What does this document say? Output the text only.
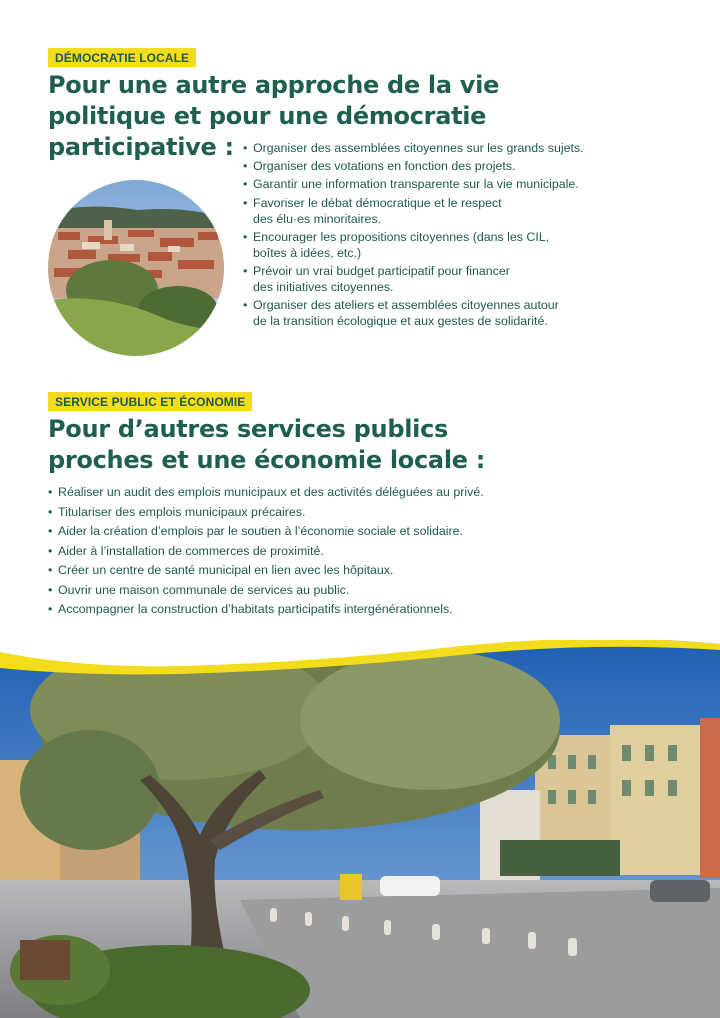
DÉMOCRATIE LOCALE
Pour une autre approche de la vie
politique et pour une démocratie
participative :
•	Organiser des assemblées citoyennes sur les grands sujets.
• Organiser des votations en fonction des projets.
• Garantir une information transparente sur la vie municipale.
• Favoriser le débat démocratique et le respect
des élu·es minoritaires.
• Encourager les propositions citoyennes (dans les CIL,
boîtes à idées, etc.)
• Prévoir un vrai budget participatif pour financer
des initiatives citoyennes.
• Organiser des ateliers et assemblées citoyennes autour
de la transition écologique et aux gestes de solidarité.
SERVICE PUBLIC ET ÉCONOMIE
Pour d’autres services publics
proches et une économie locale :
• Réaliser un audit des emplois municipaux et des activités déléguées au privé.
• Titulariser des emplois municipaux précaires.
• Aider la création d’emplois par le soutien à l’économie sociale et solidaire.
• Aider à l’installation de commerces de proximité.
• Créer un centre de santé municipal en lien avec les hôpitaux.
• Ouvrir une maison communale de services au public.
• Accompagner la construction d’habitats participatifs intergénérationnels.
